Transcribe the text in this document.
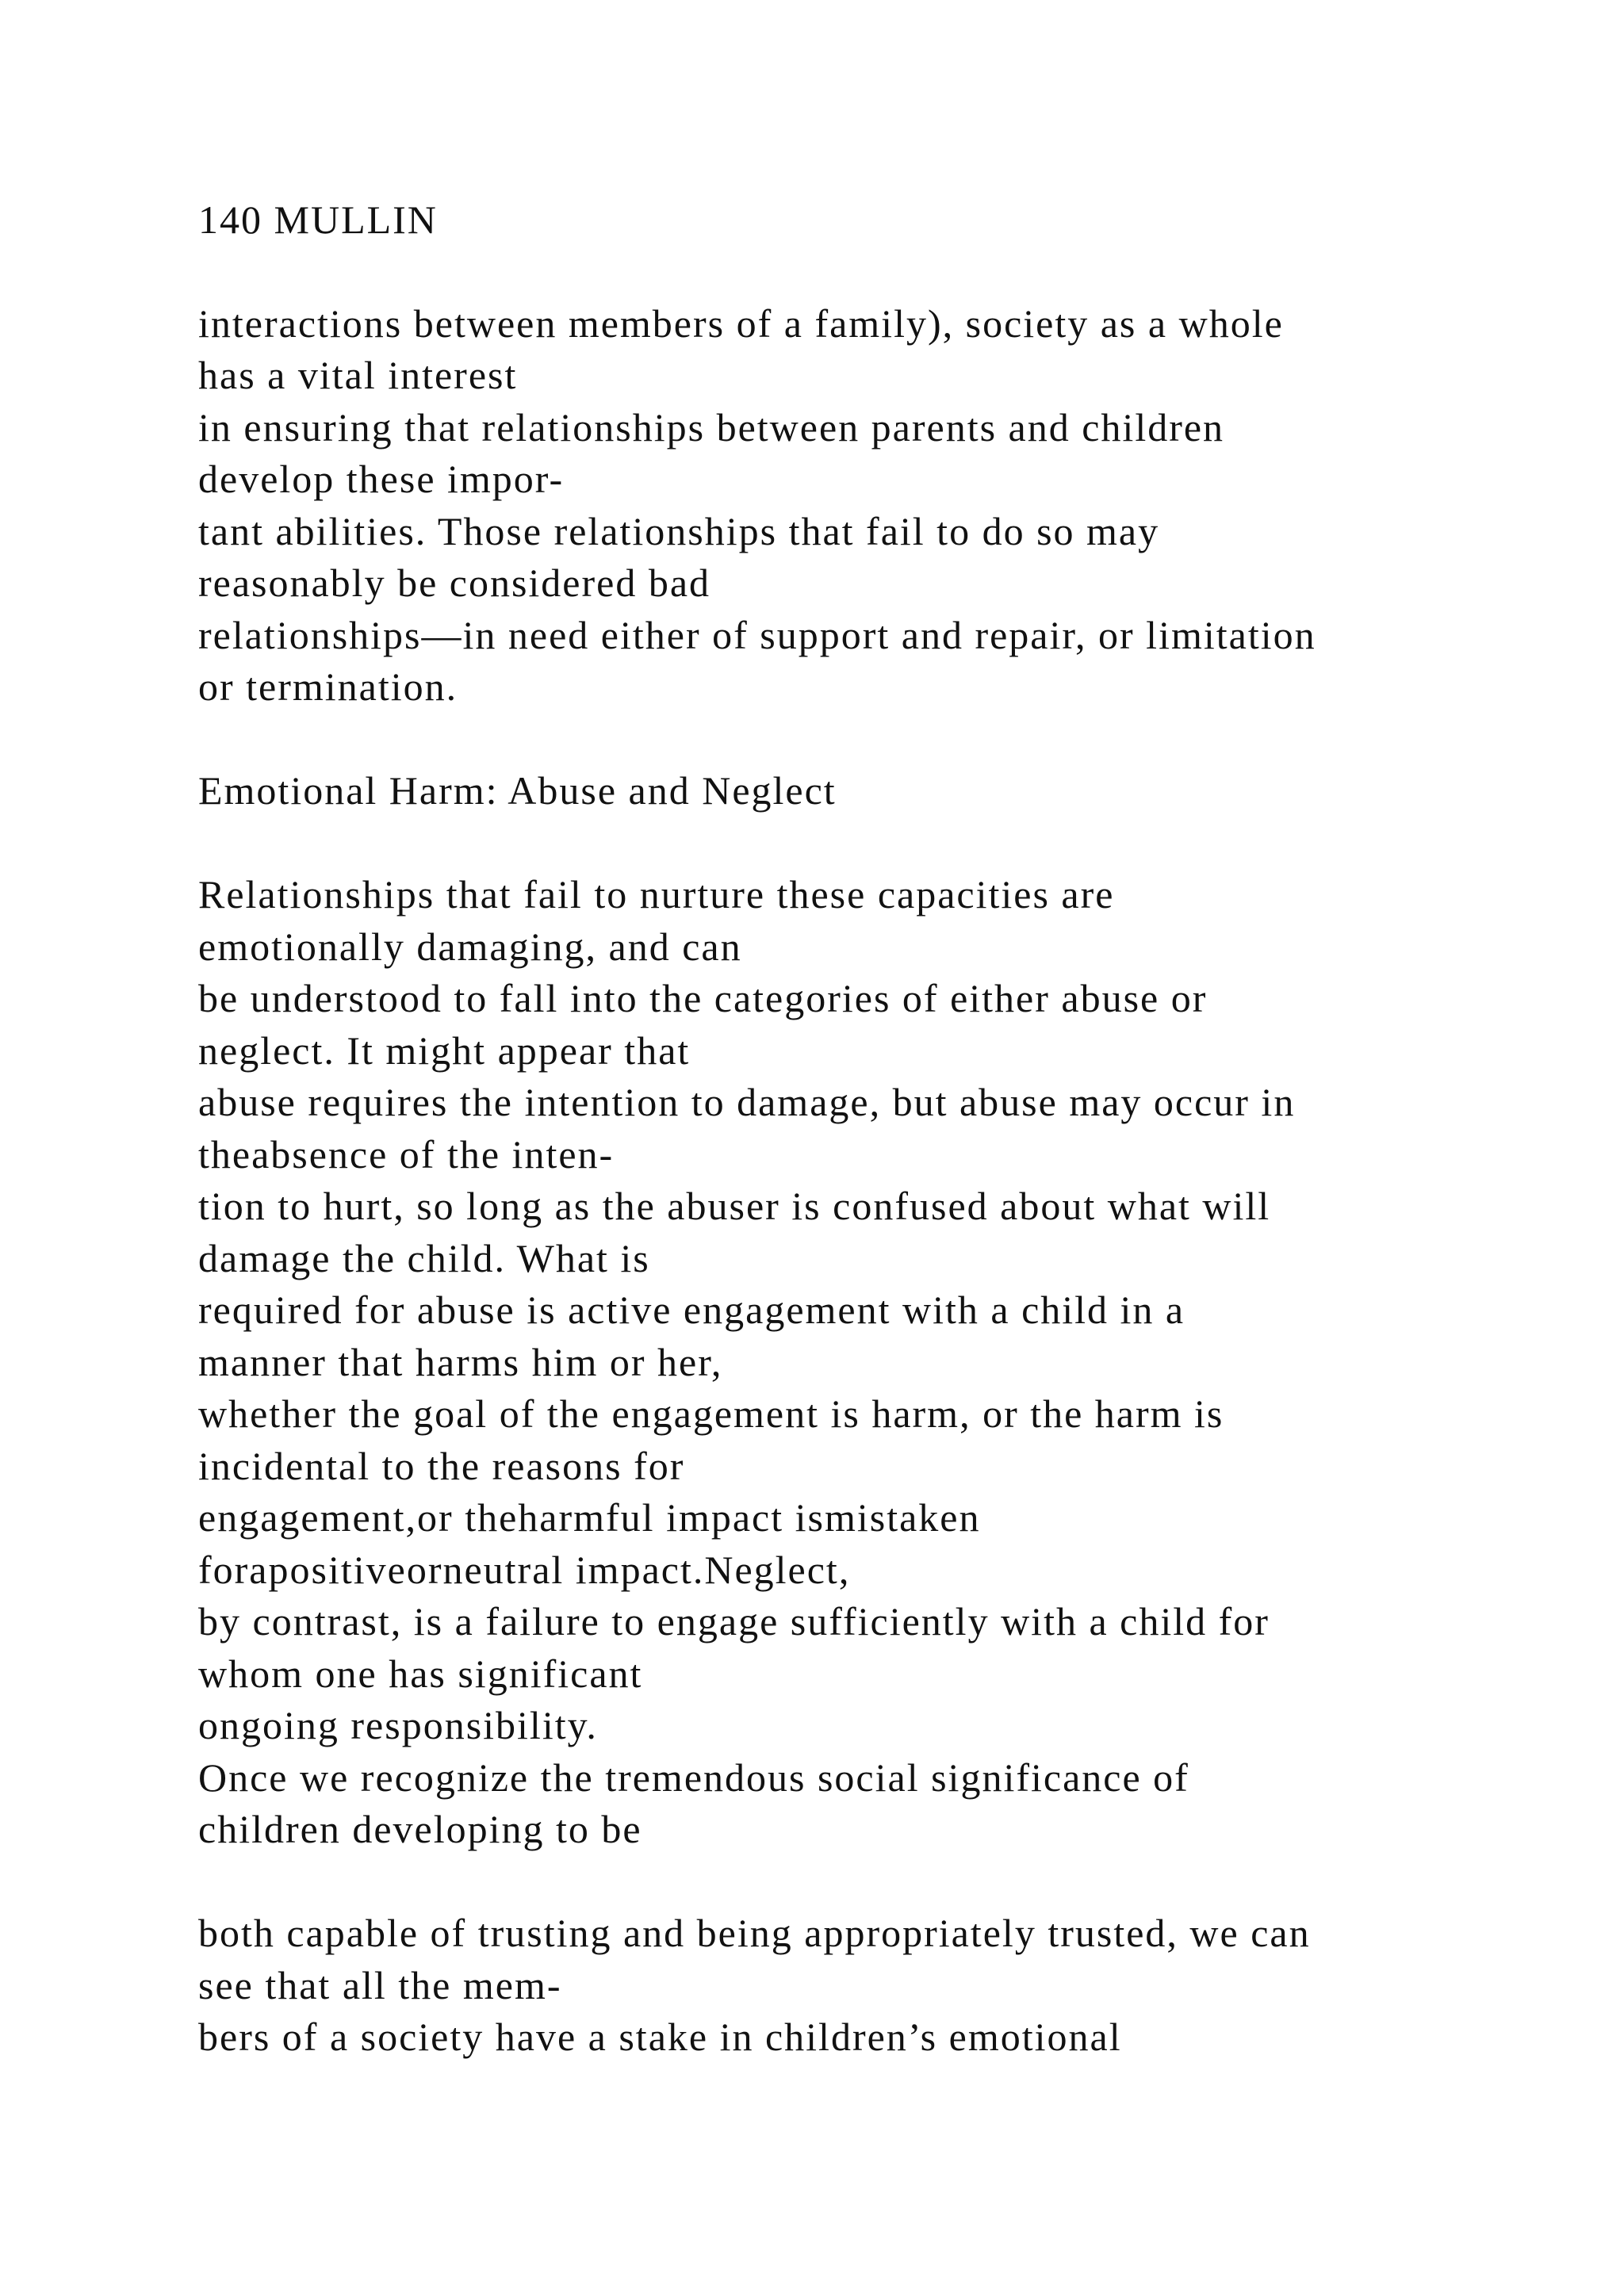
140 MULLIN

interactions between members of a family), society as a whole

has a vital interest

in ensuring that relationships between parents and children

develop these impor-

tant abilities. Those relationships that fail to do so may

reasonably be considered bad

relationships—in need either of support and repair, or limitation

or termination.

Emotional Harm: Abuse and Neglect

Relationships that fail to nurture these capacities are

emotionally damaging, and can

be understood to fall into the categories of either abuse or

neglect. It might appear that

abuse requires the intention to damage, but abuse may occur in

theabsence of the inten-

tion to hurt, so long as the abuser is confused about what will

damage the child. What is

required for abuse is active engagement with a child in a

manner that harms him or her,

whether the goal of the engagement is harm, or the harm is

incidental to the reasons for

engagement,or theharmful impact ismistaken

forapositiveorneutral impact.Neglect,

by contrast, is a failure to engage sufficiently with a child for

whom one has significant

ongoing responsibility.

Once we recognize the tremendous social significance of

children developing to be

both capable of trusting and being appropriately trusted, we can

see that all the mem-

bers of a society have a stake in children’s emotional
